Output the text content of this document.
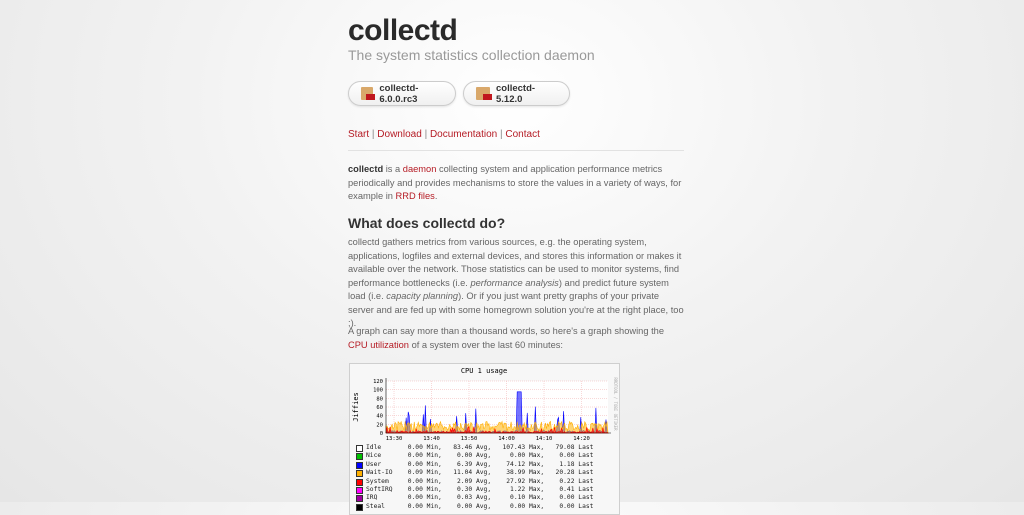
collectd
The system statistics collection daemon
collectd-6.0.0.rc3
collectd-5.12.0
Start | Download | Documentation | Contact

collectd is a daemon collecting system and application performance metrics periodically and provides mechanisms to store the values in a variety of ways, for example in RRD files.

What does collectd do?

collectd gathers metrics from various sources, e.g. the operating system, applications, logfiles and external devices, and stores this information or makes it available over the network. Those statistics can be used to monitor systems, find performance bottlenecks (i.e. performance analysis) and predict future system load (i.e. capacity planning). Or if you just want pretty graphs of your private server and are fed up with some homegrown solution you're at the right place, too ;).

A graph can say more than a thousand words, so here's a graph showing the CPU utilization of a system over the last 60 minutes:

CPU 1 usage
Jiffies	RRDTOOL / TOBI OETIKER
0
20
40
60
80
100
120
13:30	13:40	13:50	14:00	14:10	14:20
Idle       0.00 Min,   83.46 Avg,   107.43 Max,   79.08 Last
Nice       0.00 Min,    0.00 Avg,     0.00 Max,    0.00 Last
User       0.00 Min,    6.39 Avg,    74.12 Max,    1.18 Last
Wait-IO    0.09 Min,   11.04 Avg,    38.99 Max,   20.28 Last
System     0.00 Min,    2.09 Avg,    27.92 Max,    0.22 Last
SoftIRQ    0.00 Min,    0.30 Avg,     1.22 Max,    0.41 Last
IRQ        0.00 Min,    0.03 Avg,     0.10 Max,    0.00 Last
Steal      0.00 Min,    0.00 Avg,     0.00 Max,    0.00 Last
